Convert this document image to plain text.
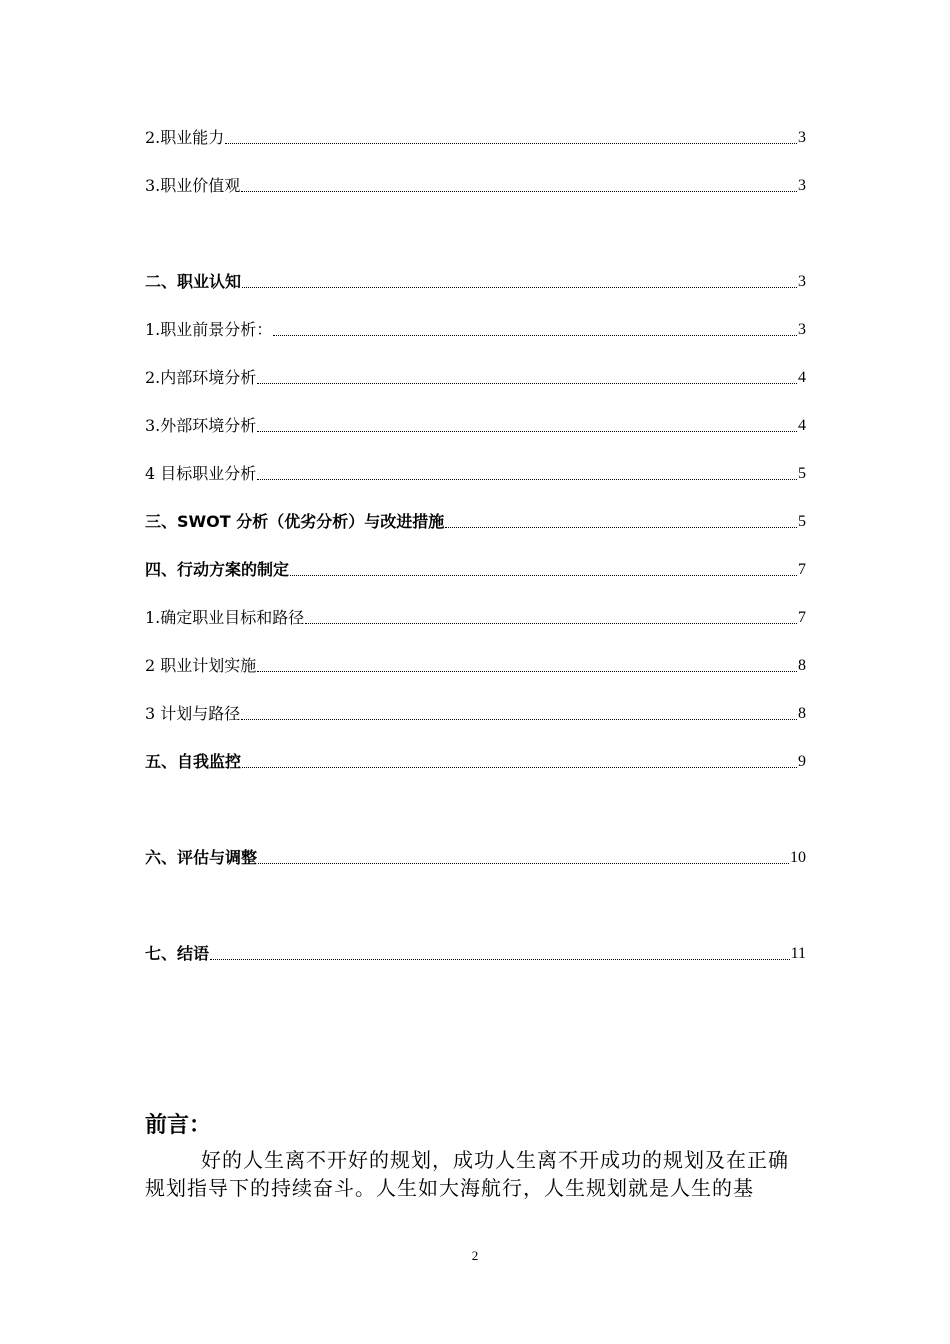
2.职业能力	3
3.职业价值观	3
二、职业认知	3
1.职业前景分析：	3
2.内部环境分析	4
3.外部环境分析	4
4 目标职业分析	5
三、SWOT 分析（优劣分析）与改进措施	5
四、行动方案的制定	7
1.确定职业目标和路径	7
2 职业计划实施	8
3 计划与路径	8
五、自我监控	9
六、评估与调整	10
七、结语	11
前言：
好的人生离不开好的规划，成功人生离不开成功的规划及在正确规划指导下的持续奋斗。人生如大海航行，人生规划就是人生的基
2
